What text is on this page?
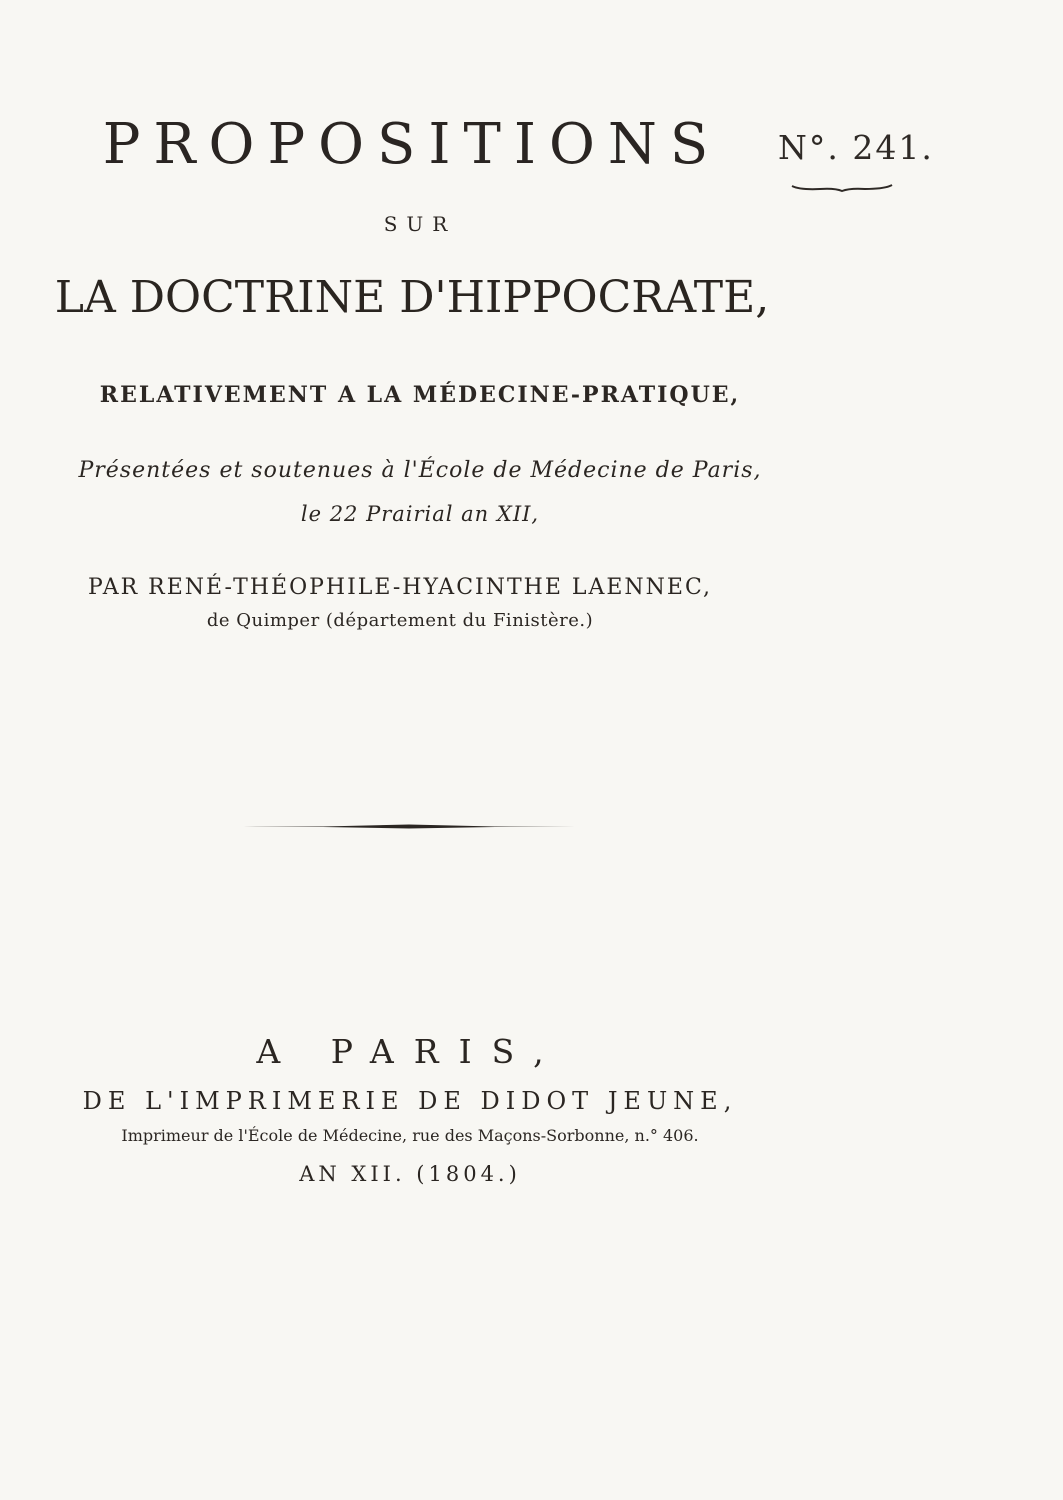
PROPOSITIONS	N°. 241.
SUR
LA DOCTRINE D'HIPPOCRATE,
RELATIVEMENT A LA MÉDECINE-PRATIQUE,
Présentées et soutenues à l'École de Médecine de Paris,
le 22 Prairial an XII,
PAR RENÉ-THÉOPHILE-HYACINTHE LAENNEC,
de Quimper (département du Finistère.)
A PARIS,
DE L'IMPRIMERIE DE DIDOT JEUNE,
Imprimeur de l'École de Médecine, rue des Maçons-Sorbonne, n.° 406.
AN XII. (1804.)
